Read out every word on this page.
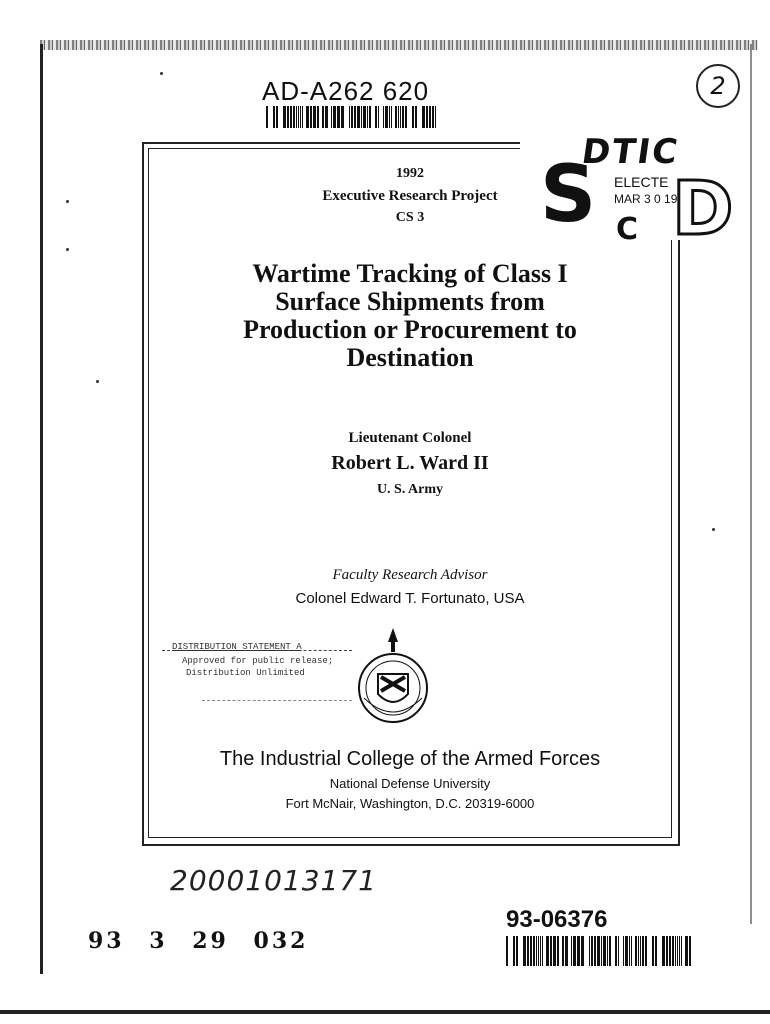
AD-A262 620	2
DTIC
S ELECTE
MAR 3 0 199
D
C
1992
Executive Research Project
CS 3
Wartime Tracking of Class I
Surface Shipments from
Production or Procurement to
Destination
Lieutenant Colonel
Robert L. Ward II
U. S. Army
Faculty Research Advisor
Colonel Edward T. Fortunato, USA
DISTRIBUTION STATEMENT A
Approved for public release;
Distribution Unlimited
The Industrial College of the Armed Forces
National Defense University
Fort McNair, Washington, D.C. 20319-6000
20001013171
93-06376
93 3 29 032
